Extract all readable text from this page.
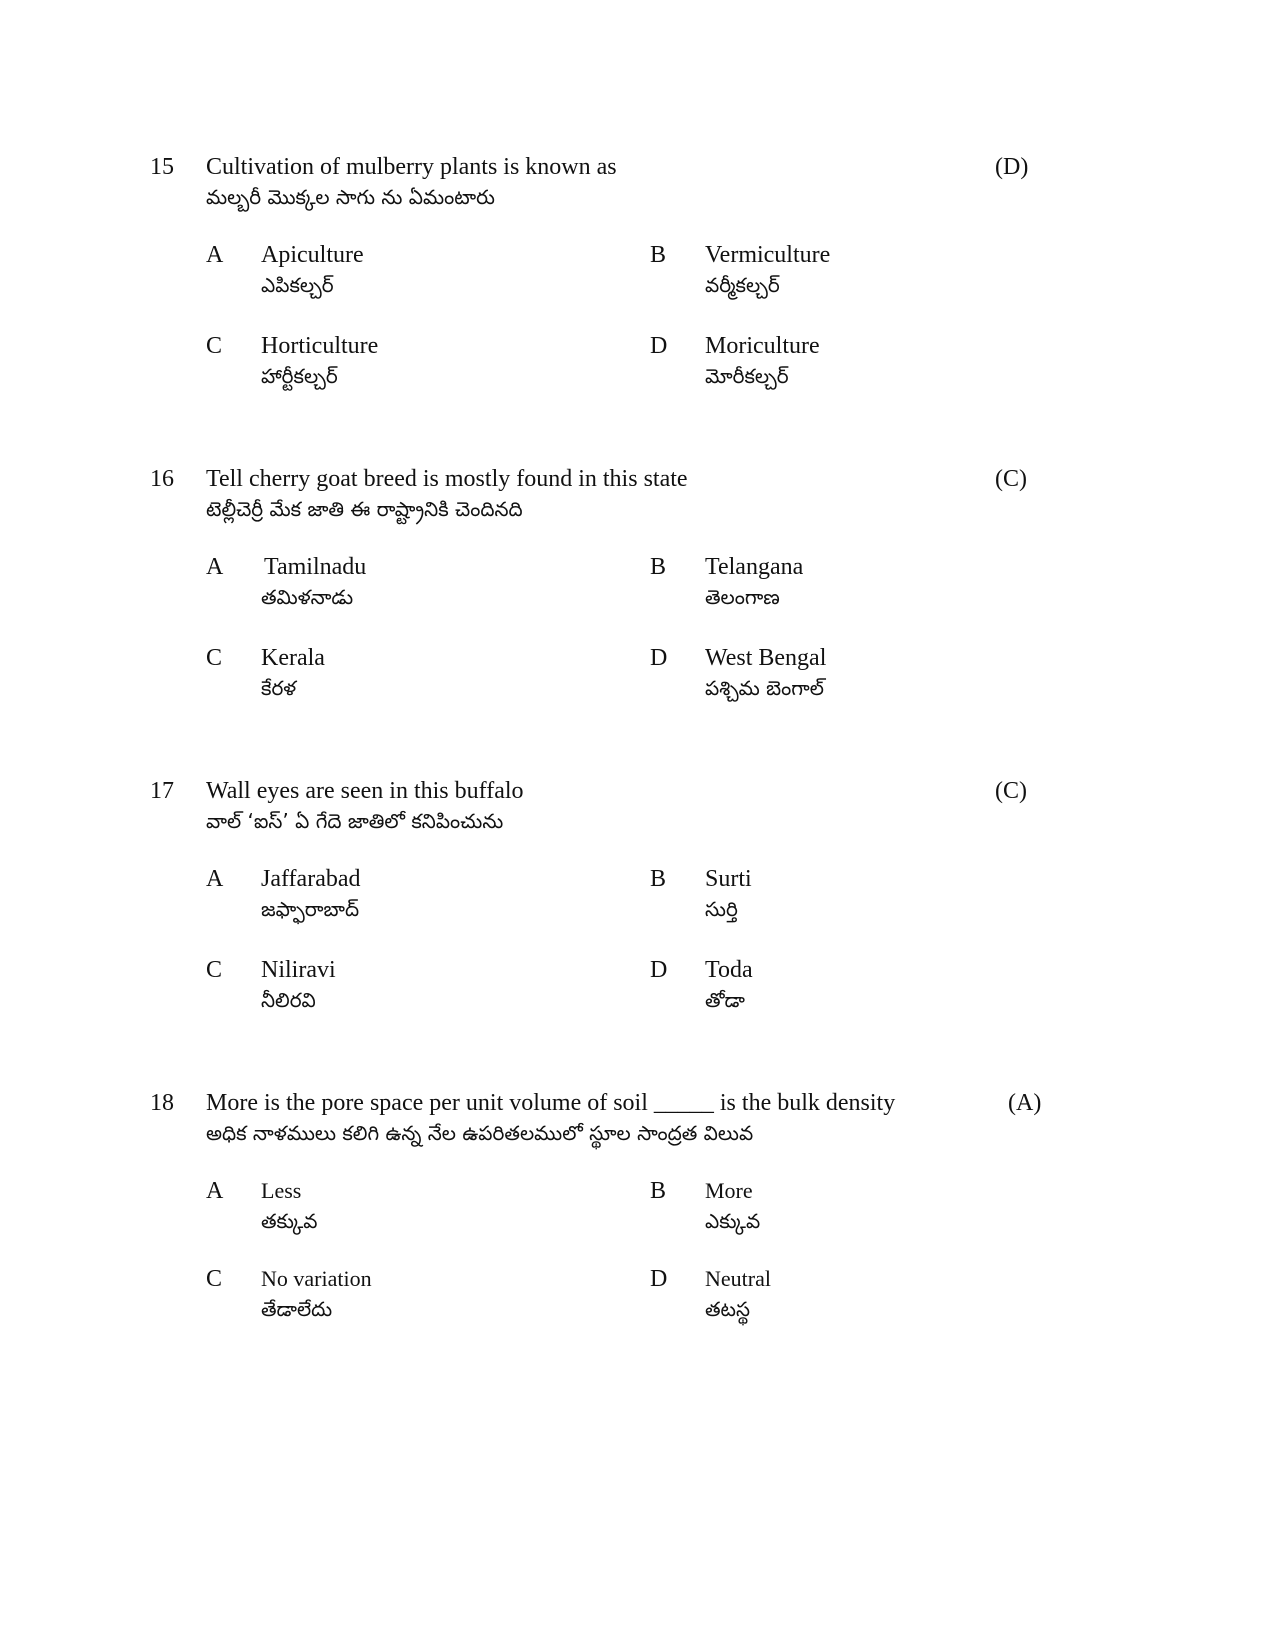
15 Cultivation of mulberry plants is known as
మల్బరీ మొక్కల సాగు ను ఏమంటారు
(D)
A Apiculture
ఎపికల్చర్
B Vermiculture
వర్మీకల్చర్
C Horticulture
హార్టీకల్చర్
D Moriculture
మోరీకల్చర్
16 Tell cherry goat breed is mostly found in this state
టెల్లీచెర్రీ మేక జాతి ఈ రాష్ట్రానికి చెందినది
(C)
A Tamilnadu
తమిళనాడు
B Telangana
తెలంగాణ
C Kerala
కేరళ
D West Bengal
పశ్చిమ బెంగాల్
17 Wall eyes are seen in this buffalo
వాల్ ‘ఐస్’ ఏ గేదె జాతిలో కనిపించును
(C)
A Jaffarabad
జఫ్ఫారాబాద్
B Surti
సుర్తి
C Niliravi
నీలిరవి
D Toda
తోడా
18 More is the pore space per unit volume of soil _____ is the bulk density
అధిక నాళములు కలిగి ఉన్న నేల ఉపరితలములో స్థూల సాంద్రత విలువ
(A)
A Less
తక్కువ
B More
ఎక్కువ
C No variation
తేడాలేదు
D Neutral
తటస్థ
